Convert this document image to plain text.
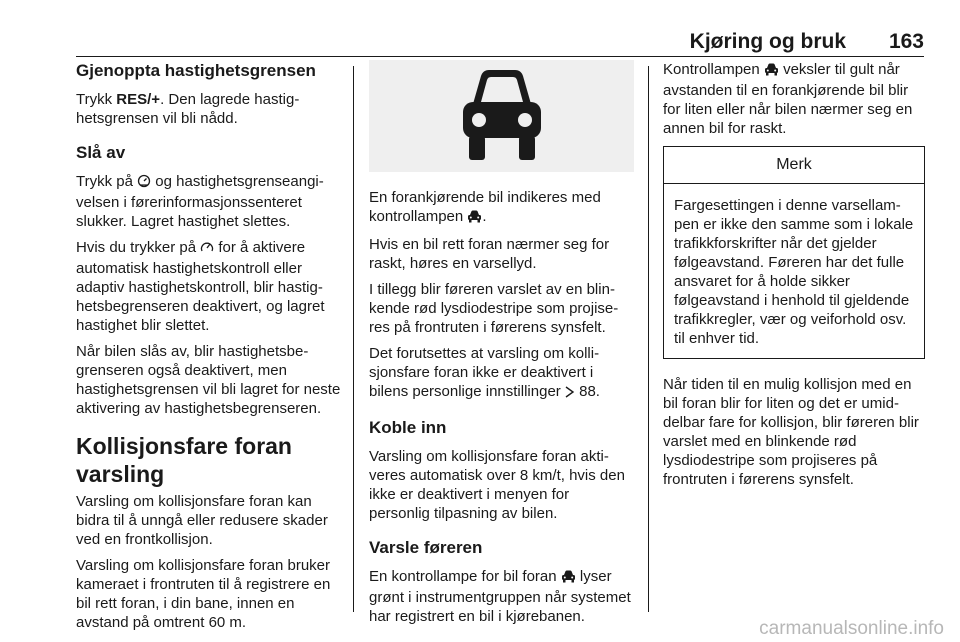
Kjøring og bruk 163
Gjenoppta hastighetsgrensen

Trykk RES/+. Den lagrede hastighetsgrensen vil bli nådd.

Slå av

Trykk på  og hastighetsgrenseangivelsen i førerinformasjonssenteret slukker. Lagret hastighet slettes.

Hvis du trykker på  for å aktivere automatisk hastighetskontroll eller adaptiv hastighetskontroll, blir hastighetsbegrenseren deaktivert, og lagret hastighet blir slettet.

Når bilen slås av, blir hastighetsbegrenseren også deaktivert, men hastighetsgrensen vil bli lagret for neste aktivering av hastighetsbegrenseren.

Kollisjonsfare foran varsling

Varsling om kollisjonsfare foran kan bidra til å unngå eller redusere skader ved en frontkollisjon.

Varsling om kollisjonsfare foran bruker kameraet i frontruten til å registrere en bil rett foran, i din bane, innen en avstand på omtrent 60 m.

En forankjørende bil indikeres med kontrollampen .

Hvis en bil rett foran nærmer seg for raskt, høres en varsellyd.

I tillegg blir føreren varslet av en blinkende rød lysdiodestripe som projiseres på frontruten i førerens synsfelt.

Det forutsettes at varsling om kollisjonsfare foran ikke er deaktivert i bilens personlige innstillinger  88.

Koble inn

Varsling om kollisjonsfare foran aktiveres automatisk over 8 km/t, hvis den ikke er deaktivert i menyen for personlig tilpasning av bilen.

Varsle føreren

En kontrollampe for bil foran  lyser grønt i instrumentgruppen når systemet har registrert en bil i kjørebanen.

Kontrollampen  veksler til gult når avstanden til en forankjørende bil blir for liten eller når bilen nærmer seg en annen bil for raskt.

Merk
Fargesettingen i denne varsellampen er ikke den samme som i lokale trafikkforskrifter når det gjelder følgeavstand. Føreren har det fulle ansvaret for å holde sikker følgeavstand i henhold til gjeldende trafikkregler, vær og veiforhold osv. til enhver tid.

Når tiden til en mulig kollisjon med en bil foran blir for liten og det er umiddelbar fare for kollisjon, blir føreren blir varslet med en blinkende rød lysdiodestripe som projiseres på frontruten i førerens synsfelt.

carmanualsonline.info
